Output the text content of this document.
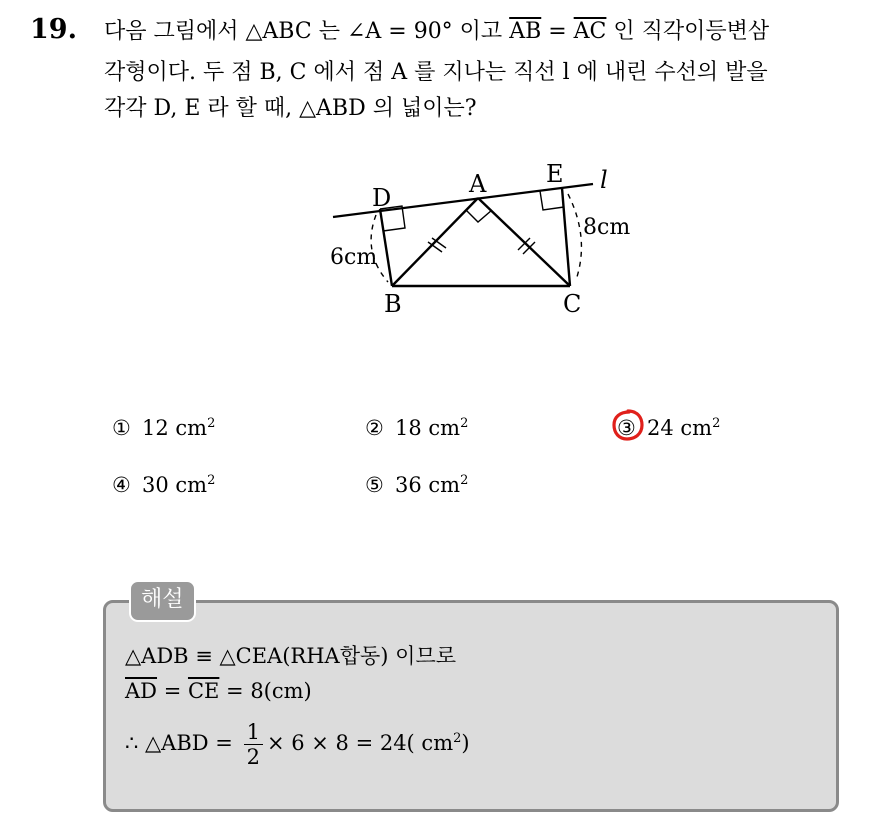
19. 다음 그림에서 △ABC 는 ∠A = 90° 이고 $\overline{AB} = \overline{AC}$ 인 직각이등변삼
각형이다. 두 점 B, C 에서 점 A 를 지나는 직선 l 에 내린 수선의 발을
각각 D, E 라 할 때, △ABD 의 넓이는?
D	A E l
B	C
6cm
8cm
① 12 $cm^2$	② 18 $cm^2$	③ 24 $cm^2$
④ 30 $cm^2$	⑤ 36 $cm^2$
해설
△ADB ≡ △CEA(RHA합동) 이므로
$\overline{AD} = \overline{CE} = 8(cm)$
∴ △ABD = $\frac{1}{2} \times 6 \times 8 = 24$( $cm^2$)
